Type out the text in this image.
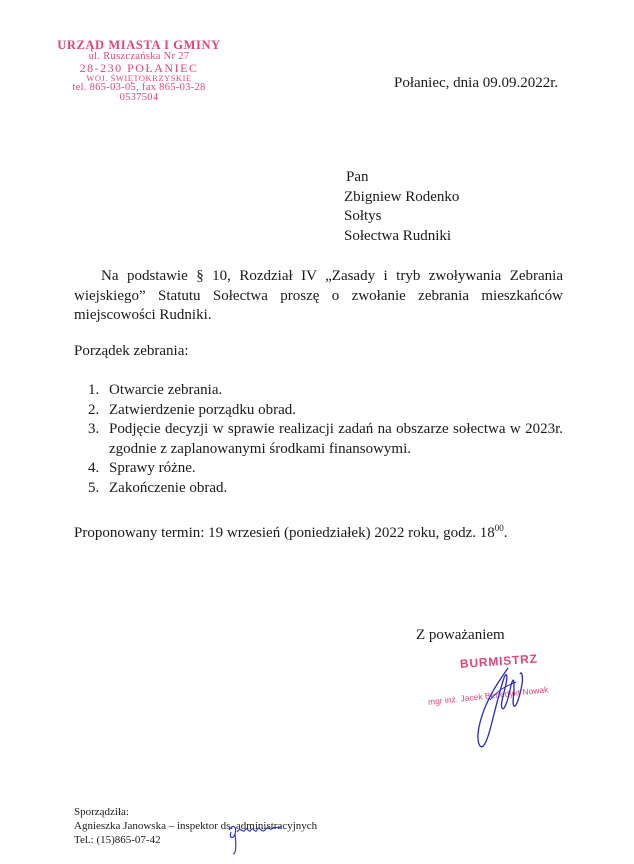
URZĄD MIASTA I GMINY
ul. Ruszczańska Nr 27
28-230 POŁANIEC
WOJ. ŚWIĘTOKRZYSKIE
tel. 865-03-05, fax 865-03-28
0537504
Połaniec, dnia 09.09.2022r.
Pan
Zbigniew Rodenko
Sołtys
Sołectwa Rudniki
Na podstawie § 10, Rozdział IV „Zasady i tryb zwoływania Zebrania wiejskiego” Statutu Sołectwa proszę o zwołanie zebrania mieszkańców miejscowości Rudniki.
Porządek zebrania:
1. Otwarcie zebrania.
2. Zatwierdzenie porządku obrad.
3. Podjęcie decyzji w sprawie realizacji zadań na obszarze sołectwa w 2023r. zgodnie z zaplanowanymi środkami finansowymi.
4. Sprawy różne.
5. Zakończenie obrad.
Proponowany termin: 19 wrzesień (poniedziałek) 2022 roku, godz. $18^{00}$.
Z poważaniem
BURMISTRZ
mgr inż. Jacek Benedykt Nowak
Sporządziła:
Agnieszka Janowska – inspektor ds. administracyjnych
Tel.: (15)865-07-42
